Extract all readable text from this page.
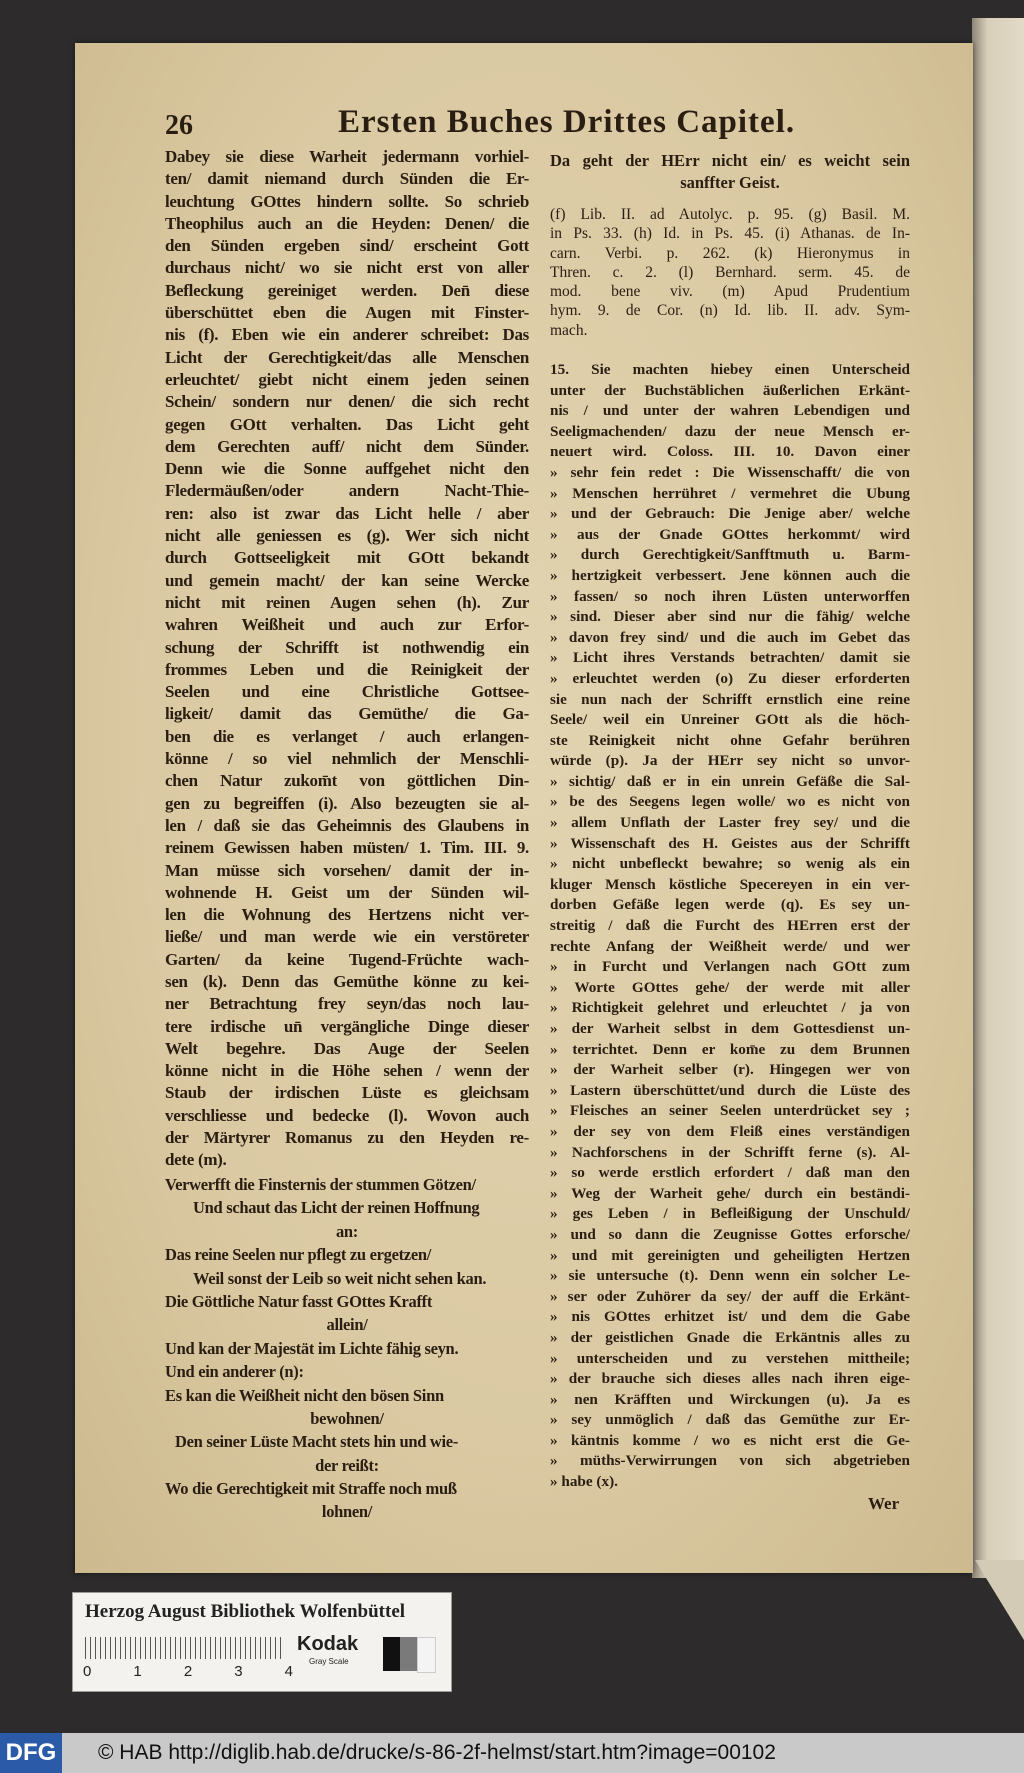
26	Ersten Buches Drittes Capitel.
Dabey sie diese Warheit jedermann vorhiel-
ten/ damit niemand durch Sünden die Er-
leuchtung GOttes hindern sollte. So schrieb
Theophilus auch an die Heyden: Denen/ die
den Sünden ergeben sind/ erscheint Gott
durchaus nicht/ wo sie nicht erst von aller
Befleckung gereiniget werden. Den̄ diese
überschüttet eben die Augen mit Finster-
nis (f). Eben wie ein anderer schreibet: Das
Licht der Gerechtigkeit/das alle Menschen
erleuchtet/ giebt nicht einem jeden seinen
Schein/ sondern nur denen/ die sich recht
gegen GOtt verhalten. Das Licht geht
dem Gerechten auff/ nicht dem Sünder.
Denn wie die Sonne auffgehet nicht den
Fledermäußen/oder andern Nacht-Thie-
ren: also ist zwar das Licht helle / aber
nicht alle geniessen es (g). Wer sich nicht
durch Gottseeligkeit mit GOtt bekandt
und gemein macht/ der kan seine Wercke
nicht mit reinen Augen sehen (h). Zur
wahren Weißheit und auch zur Erfor-
schung der Schrifft ist nothwendig ein
frommes Leben und die Reinigkeit der
Seelen und eine Christliche Gottsee-
ligkeit/ damit das Gemüthe/ die Ga-
ben die es verlanget / auch erlangen-
könne / so viel nehmlich der Menschli-
chen Natur zukom̄t von göttlichen Din-
gen zu begreiffen (i). Also bezeugten sie al-
len / daß sie das Geheimnis des Glaubens in
reinem Gewissen haben müsten/ 1. Tim. III. 9.
Man müsse sich vorsehen/ damit der in-
wohnende H. Geist um der Sünden wil-
len die Wohnung des Hertzens nicht ver-
ließe/ und man werde wie ein verstöreter
Garten/ da keine Tugend-Früchte wach-
sen (k). Denn das Gemüthe könne zu kei-
ner Betrachtung frey seyn/das noch lau-
tere irdische un̄ vergängliche Dinge dieser
Welt begehre. Das Auge der Seelen
könne nicht in die Höhe sehen / wenn der
Staub der irdischen Lüste es gleichsam
verschliesse und bedecke (l). Wovon auch
der Märtyrer Romanus zu den Heyden re-
dete (m).
Verwerfft die Finsternis der stummen Götzen/
Und schaut das Licht der reinen Hoffnung
an:
Das reine Seelen nur pflegt zu ergetzen/
Weil sonst der Leib so weit nicht sehen kan.
Die Göttliche Natur fasst GOttes Krafft
allein/
Und kan der Majestät im Lichte fähig seyn.
Und ein anderer (n):
Es kan die Weißheit nicht den bösen Sinn
bewohnen/
Den seiner Lüste Macht stets hin und wie-
der reißt:
Wo die Gerechtigkeit mit Straffe noch muß
lohnen/
Da geht der HErr nicht ein/ es weicht sein
sanffter Geist.
(f) Lib. II. ad Autolyc. p. 95. (g) Basil. M.
in Ps. 33. (h) Id. in Ps. 45. (i) Athanas. de In-
carn. Verbi. p. 262. (k) Hieronymus in
Thren. c. 2. (l) Bernhard. serm. 45. de
mod. bene viv. (m) Apud Prudentium
hym. 9. de Cor. (n) Id. lib. II. adv. Sym-
mach.
15. Sie machten hiebey einen Unterscheid
unter der Buchstäblichen äußerlichen Erkänt-
nis / und unter der wahren Lebendigen und
Seeligmachenden/ dazu der neue Mensch er-
neuert wird. Coloss. III. 10. Davon einer
» sehr fein redet : Die Wissenschafft/ die von
» Menschen herrühret / vermehret die Ubung
» und der Gebrauch: Die Jenige aber/ welche
» aus der Gnade GOttes herkommt/ wird
» durch Gerechtigkeit/Sanfftmuth u. Barm-
» hertzigkeit verbessert. Jene können auch die
» fassen/ so noch ihren Lüsten unterworffen
» sind. Dieser aber sind nur die fähig/ welche
» davon frey sind/ und die auch im Gebet das
» Licht ihres Verstands betrachten/ damit sie
» erleuchtet werden (o) Zu dieser erforderten
sie nun nach der Schrifft ernstlich eine reine
Seele/ weil ein Unreiner GOtt als die höch-
ste Reinigkeit nicht ohne Gefahr berühren
würde (p). Ja der HErr sey nicht so unvor-
» sichtig/ daß er in ein unrein Gefäße die Sal-
» be des Seegens legen wolle/ wo es nicht von
» allem Unflath der Laster frey sey/ und die
» Wissenschaft des H. Geistes aus der Schrifft
» nicht unbefleckt bewahre; so wenig als ein
kluger Mensch köstliche Specereyen in ein ver-
dorben Gefäße legen werde (q). Es sey un-
streitig / daß die Furcht des HErren erst der
rechte Anfang der Weißheit werde/ und wer
» in Furcht und Verlangen nach GOtt zum
» Worte GOttes gehe/ der werde mit aller
» Richtigkeit gelehret und erleuchtet / ja von
» der Warheit selbst in dem Gottesdienst un-
» terrichtet. Denn er kom̄e zu dem Brunnen
» der Warheit selber (r). Hingegen wer von
» Lastern überschüttet/und durch die Lüste des
» Fleisches an seiner Seelen unterdrücket sey ;
» der sey von dem Fleiß eines verständigen
» Nachforschens in der Schrifft ferne (s). Al-
» so werde erstlich erfordert / daß man den
» Weg der Warheit gehe/ durch ein beständi-
» ges Leben / in Befleißigung der Unschuld/
» und so dann die Zeugnisse Gottes erforsche/
» und mit gereinigten und geheiligten Hertzen
» sie untersuche (t). Denn wenn ein solcher Le-
» ser oder Zuhörer da sey/ der auff die Erkänt-
» nis GOttes erhitzet ist/ und dem die Gabe
» der geistlichen Gnade die Erkäntnis alles zu
» unterscheiden und zu verstehen mittheile;
» der brauche sich dieses alles nach ihren eige-
» nen Kräfften und Wirckungen (u). Ja es
» sey unmöglich / daß das Gemüthe zur Er-
» käntnis komme / wo es nicht erst die Ge-
» müths-Verwirrungen von sich abgetrieben
» habe (x).
Wer
Herzog August Bibliothek Wolfenbüttel
0	1	2	3	4
Kodak
Gray Scale
DFG © HAB http://diglib.hab.de/drucke/s-86-2f-helmst/start.htm?image=00102
